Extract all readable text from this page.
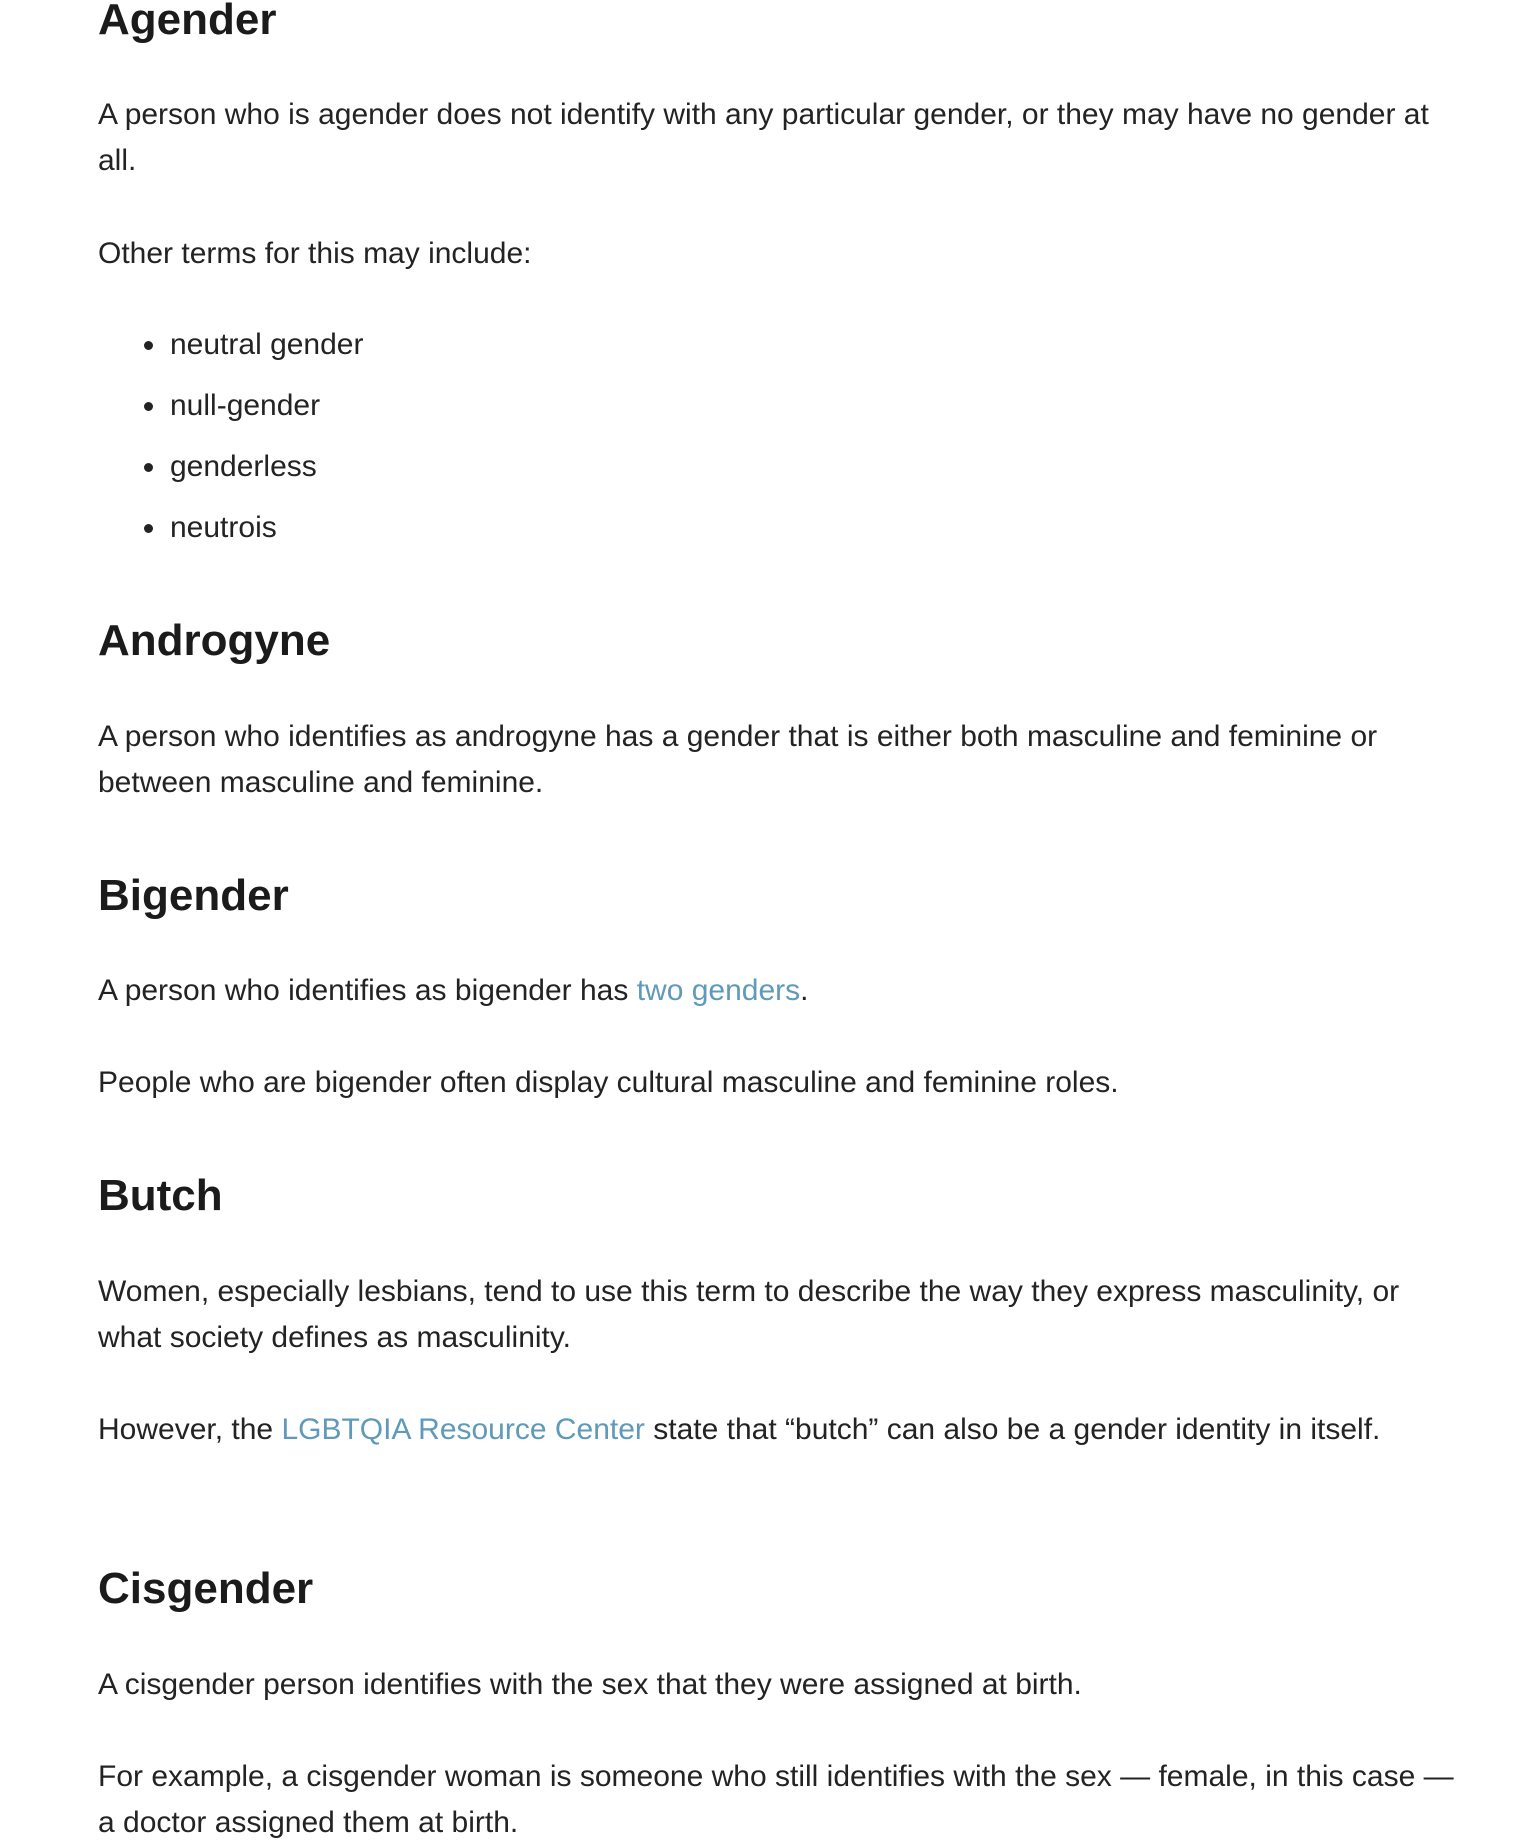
Agender

A person who is agender does not identify with any particular gender, or they may have no gender at all.

Other terms for this may include:

neutral gender
null-gender
genderless
neutrois
Androgyne

A person who identifies as androgyne has a gender that is either both masculine and feminine or between masculine and feminine.

Bigender

A person who identifies as bigender has two genders.

People who are bigender often display cultural masculine and feminine roles.

Butch

Women, especially lesbians, tend to use this term to describe the way they express masculinity, or what society defines as masculinity.

However, the LGBTQIA Resource Center state that “butch” can also be a gender identity in itself.

Cisgender

A cisgender person identifies with the sex that they were assigned at birth.

For example, a cisgender woman is someone who still identifies with the sex — female, in this case — a doctor assigned them at birth.
